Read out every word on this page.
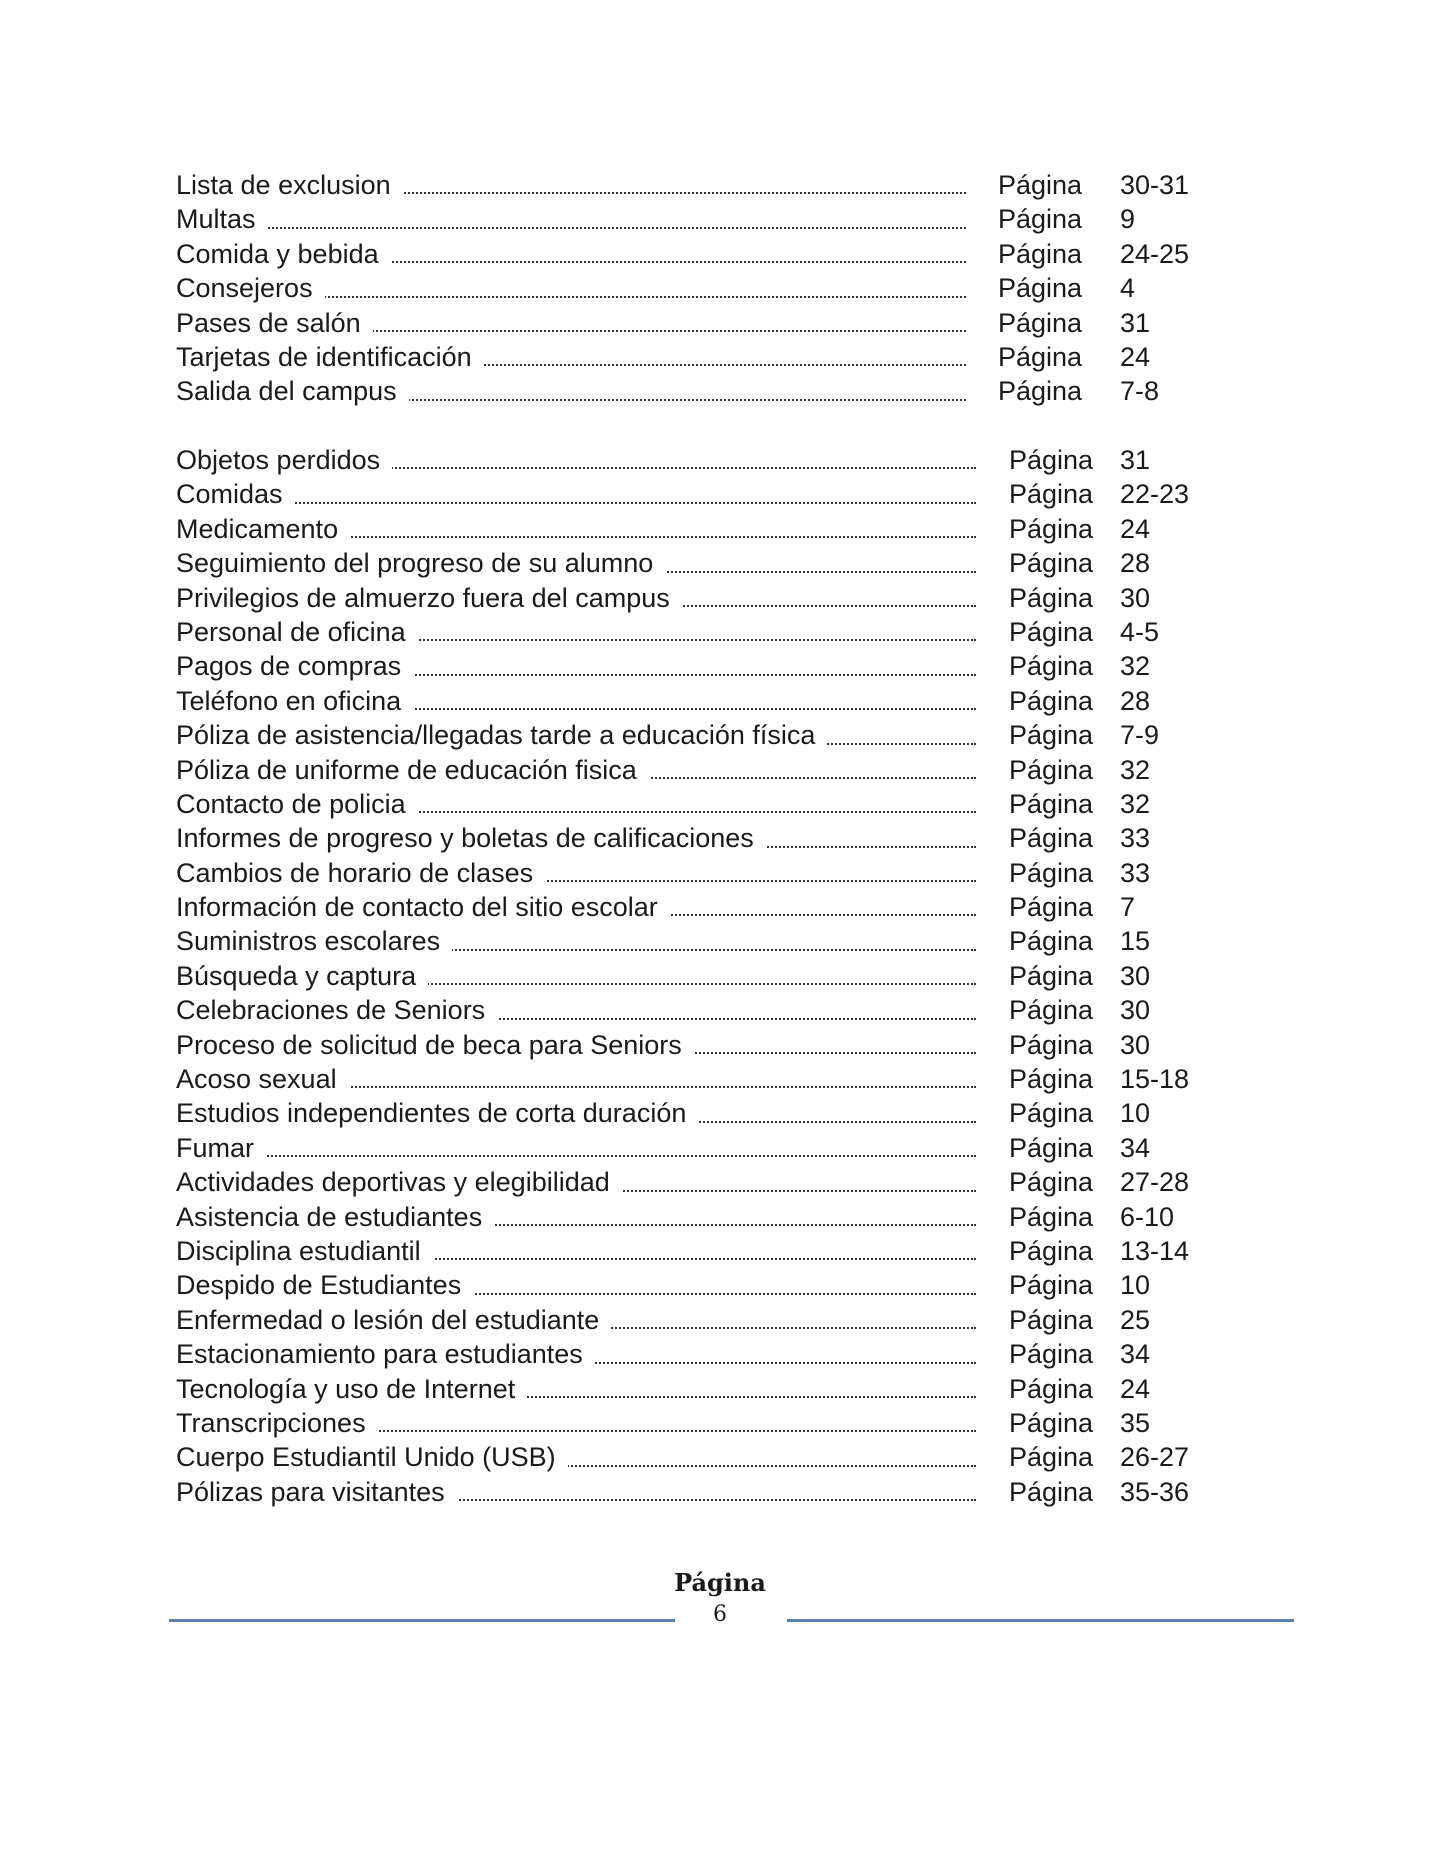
Lista de exclusion	Página 30-31
Multas	Página 9
Comida y bebida	Página 24-25
Consejeros	Página 4
Pases de salón	Página 31
Tarjetas de identificación	Página 24
Salida del campus	Página 7-8
Objetos perdidos	Página 31
Comidas	Página 22-23
Medicamento	Página 24
Seguimiento del progreso de su alumno	Página 28
Privilegios de almuerzo fuera del campus	Página 30
Personal de oficina	Página 4-5
Pagos de compras	Página 32
Teléfono en oficina	Página 28
Póliza de asistencia/llegadas tarde a educación física	Página 7-9
Póliza de uniforme de educación fisica	Página 32
Contacto de policia	Página 32
Informes de progreso y boletas de calificaciones	Página 33
Cambios de horario de clases	Página 33
Información de contacto del sitio escolar	Página 7
Suministros escolares	Página 15
Búsqueda y captura	Página 30
Celebraciones de Seniors	Página 30
Proceso de solicitud de beca para Seniors	Página 30
Acoso sexual	Página 15-18
Estudios independientes de corta duración	Página 10
Fumar	Página 34
Actividades deportivas y elegibilidad	Página 27-28
Asistencia de estudiantes	Página 6-10
Disciplina estudiantil	Página 13-14
Despido de Estudiantes	Página 10
Enfermedad o lesión del estudiante	Página 25
Estacionamiento para estudiantes	Página 34
Tecnología y uso de Internet	Página 24
Transcripciones	Página 35
Cuerpo Estudiantil Unido (USB)	Página 26-27
Pólizas para visitantes	Página 35-36
Página
6
